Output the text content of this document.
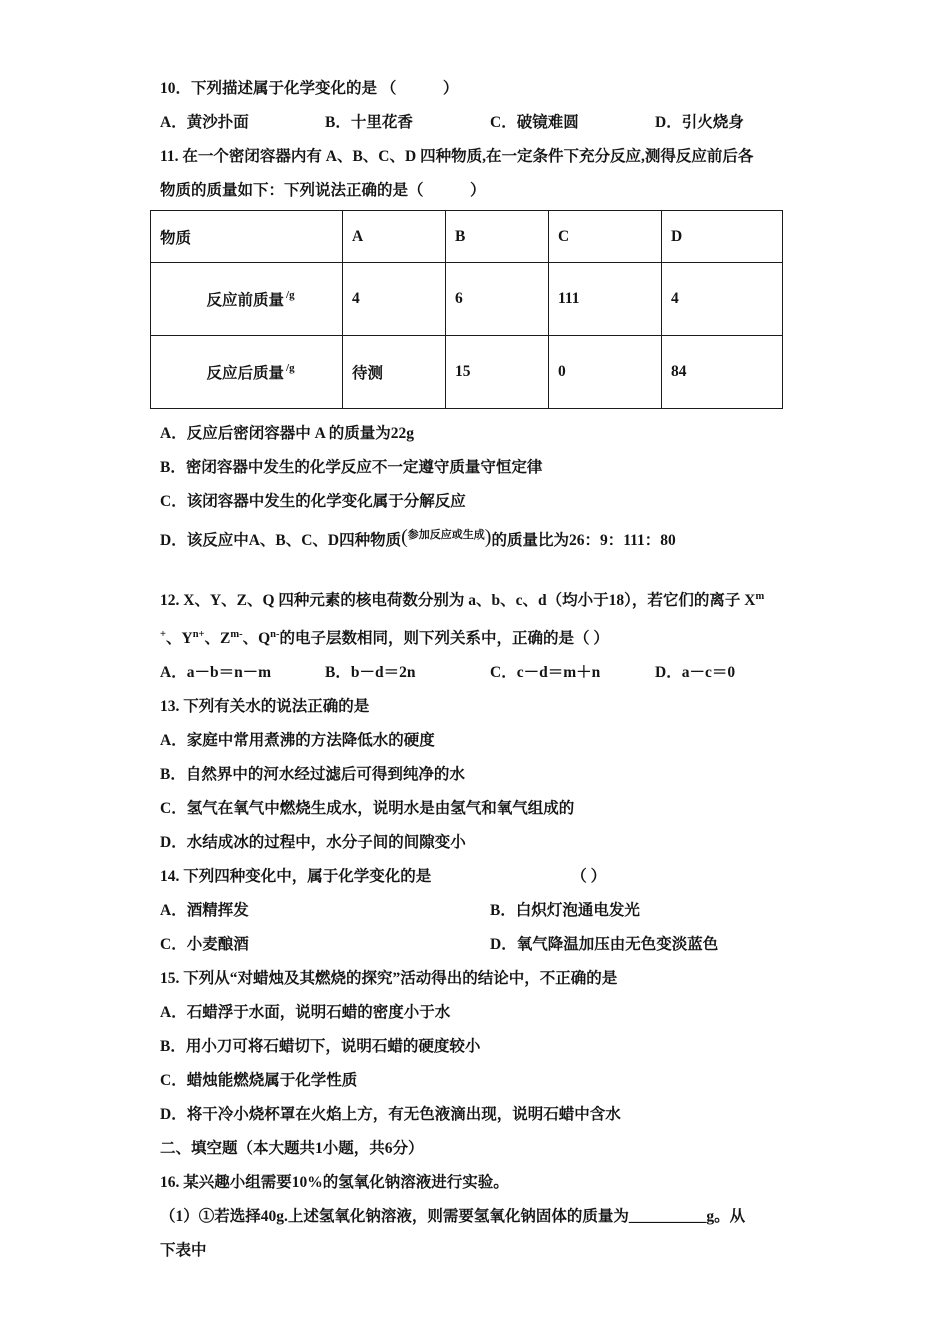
10．下列描述属于化学变化的是 （　　　）
A．黄沙扑面	B．十里花香	C．破镜难圆	D．引火烧身
11. 在一个密闭容器内有 A、B、C、D 四种物质,在一定条件下充分反应,测得反应前后各
物质的质量如下：下列说法正确的是（　　　）
物质	A	B	C	D

反应前质量 $^{/g}$	4	6	111	4

反应后质量 $^{/g}$	待测	15	0	84
A．反应后密闭容器中 A 的质量为22g
B．密闭容器中发生的化学反应不一定遵守质量守恒定律
C．该闭容器中发生的化学变化属于分解反应
D．该反应中A、B、C、D四种物质($^{参加反应或生成}$)的质量比为26：9：111：80
12. X、Y、Z、Q 四种元素的核电荷数分别为 a、b、c、d（均小于18），若它们的离子 $X^m$
+、$Y^{n+}$、$Z^{m-}$、$Q^{n-}$的电子层数相同，则下列关系中，正确的是（ ）
A．a－b＝n－m	B．b－d＝2n	C．c－d＝m＋n	D．a－c＝0
13. 下列有关水的说法正确的是
A．家庭中常用煮沸的方法降低水的硬度
B．自然界中的河水经过滤后可得到纯净的水
C．氢气在氧气中燃烧生成水，说明水是由氢气和氧气组成的
D．水结成冰的过程中，水分子间的间隙变小
14. 下列四种变化中，属于化学变化的是	（ ）
A．酒精挥发	B．白炽灯泡通电发光
C．小麦酿酒	D．氧气降温加压由无色变淡蓝色
15. 下列从“对蜡烛及其燃烧的探究”活动得出的结论中，不正确的是
A．石蜡浮于水面，说明石蜡的密度小于水
B．用小刀可将石蜡切下，说明石蜡的硬度较小
C．蜡烛能燃烧属于化学性质
D．将干冷小烧杯罩在火焰上方，有无色液滴出现，说明石蜡中含水
二、填空题（本大题共1小题，共6分）
16. 某兴趣小组需要10%的氢氧化钠溶液进行实验。
（1）①若选择40g.上述氢氧化钠溶液，则需要氢氧化钠固体的质量为__________g。从
下表中
